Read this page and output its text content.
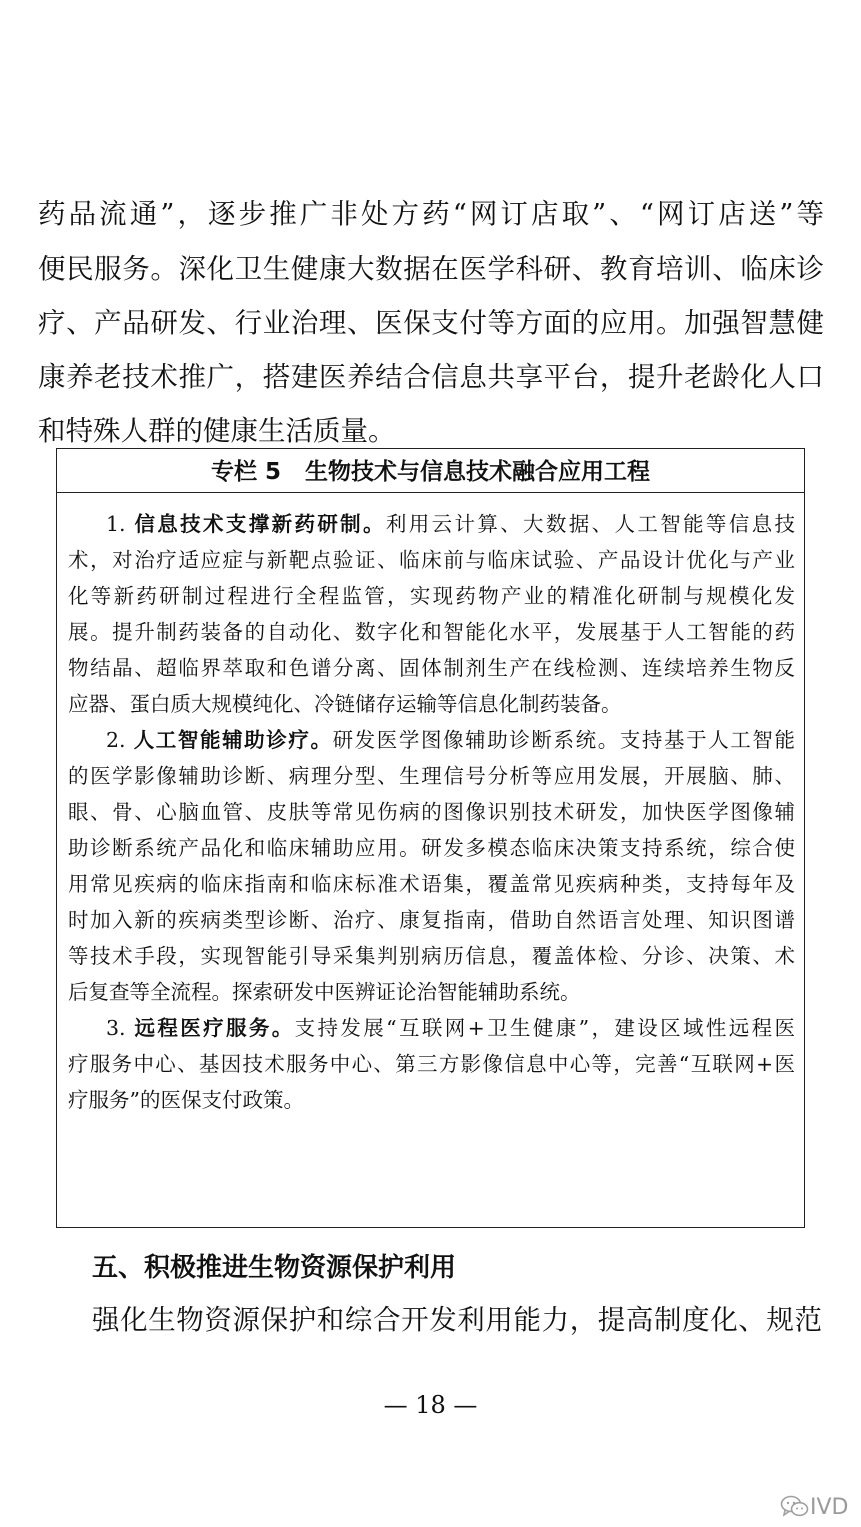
药品流通”，逐步推广非处方药“网订店取”、“网订店送”等
便民服务。深化卫生健康大数据在医学科研、教育培训、临床诊
疗、产品研发、行业治理、医保支付等方面的应用。加强智慧健
康养老技术推广，搭建医养结合信息共享平台，提升老龄化人口
和特殊人群的健康生活质量。
专栏 5   生物技术与信息技术融合应用工程
1. 信息技术支撑新药研制。利用云计算、大数据、人工智能等信息技
术，对治疗适应症与新靶点验证、临床前与临床试验、产品设计优化与产业
化等新药研制过程进行全程监管，实现药物产业的精准化研制与规模化发
展。提升制药装备的自动化、数字化和智能化水平，发展基于人工智能的药
物结晶、超临界萃取和色谱分离、固体制剂生产在线检测、连续培养生物反
应器、蛋白质大规模纯化、冷链储存运输等信息化制药装备。
2. 人工智能辅助诊疗。研发医学图像辅助诊断系统。支持基于人工智能
的医学影像辅助诊断、病理分型、生理信号分析等应用发展，开展脑、肺、
眼、骨、心脑血管、皮肤等常见伤病的图像识别技术研发，加快医学图像辅
助诊断系统产品化和临床辅助应用。研发多模态临床决策支持系统，综合使
用常见疾病的临床指南和临床标准术语集，覆盖常见疾病种类，支持每年及
时加入新的疾病类型诊断、治疗、康复指南，借助自然语言处理、知识图谱
等技术手段，实现智能引导采集判别病历信息，覆盖体检、分诊、决策、术
后复查等全流程。探索研发中医辨证论治智能辅助系统。
3. 远程医疗服务。支持发展“互联网+卫生健康”，建设区域性远程医
疗服务中心、基因技术服务中心、第三方影像信息中心等，完善“互联网+医
疗服务”的医保支付政策。
五、积极推进生物资源保护利用
强化生物资源保护和综合开发利用能力，提高制度化、规范
— 18 —
IVD
